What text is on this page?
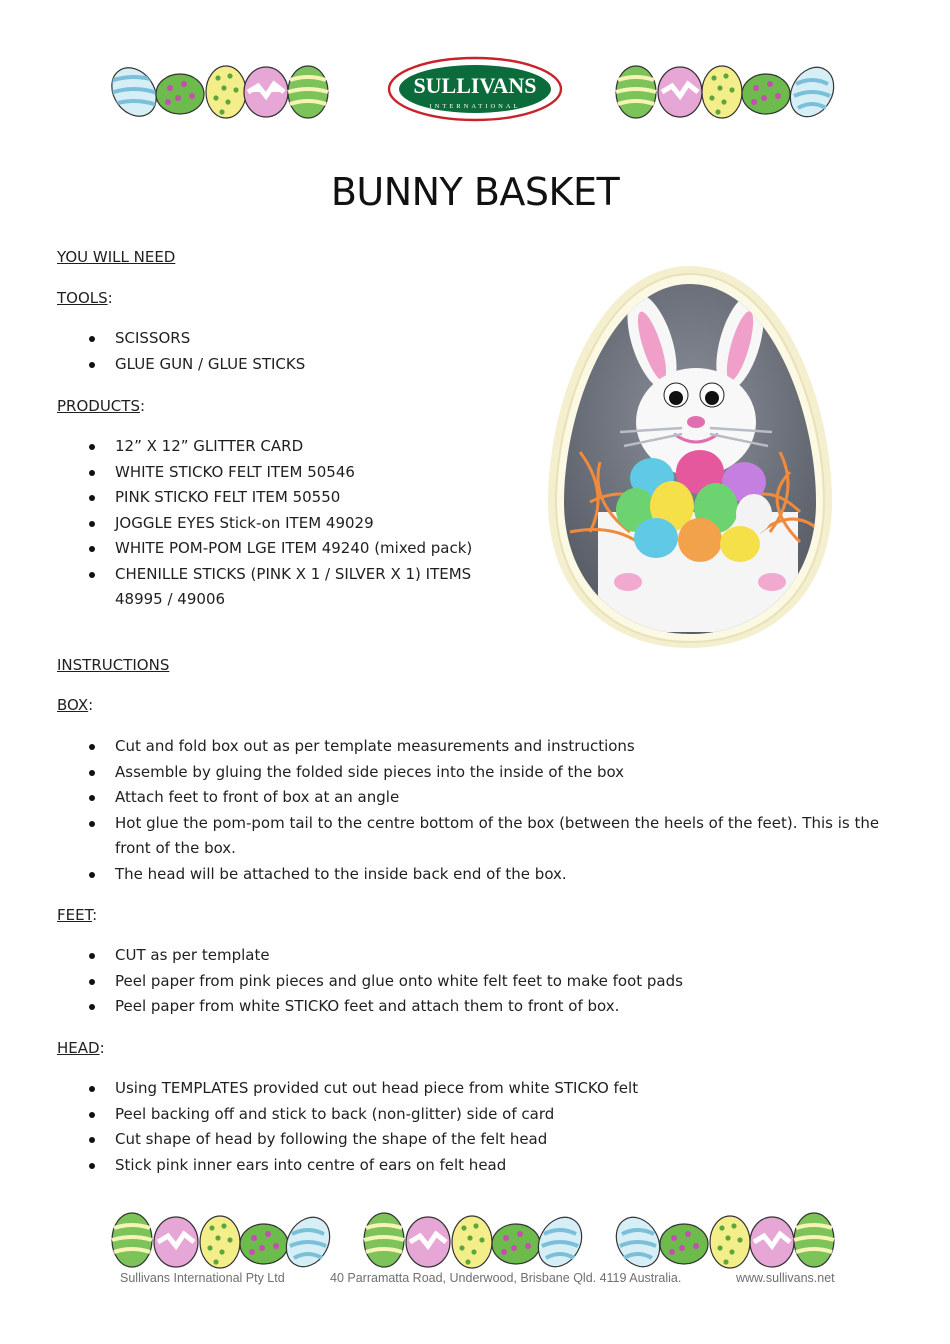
SULLIVANS
INTERNATIONAL
BUNNY BASKET
YOU WILL NEED
TOOLS:
SCISSORS
GLUE GUN / GLUE STICKS
PRODUCTS:
12” X 12” GLITTER CARD
WHITE STICKO FELT ITEM 50546
PINK STICKO FELT ITEM 50550
JOGGLE EYES Stick-on ITEM 49029
WHITE POM-POM LGE ITEM 49240 (mixed pack)
CHENILLE STICKS (PINK X 1 / SILVER X 1) ITEMS 48995 / 49006
INSTRUCTIONS
BOX:
Cut and fold box out as per template measurements and instructions
Assemble by gluing the folded side pieces into the inside of the box
Attach feet to front of box at an angle
Hot glue the pom-pom tail to the centre bottom of the box (between the heels of the feet). This is the front of the box.
The head will be attached to the inside back end of the box.
FEET:
CUT as per template
Peel paper from pink pieces and glue onto white felt feet to make foot pads
Peel paper from white STICKO feet and attach them to front of box.
HEAD:
Using TEMPLATES provided cut out head piece from white STICKO felt
Peel backing off and stick to back (non-glitter) side of card
Cut shape of head by following the shape of the felt head
Stick pink inner ears into centre of ears on felt head
Sullivans International Pty Ltd	40 Parramatta Road, Underwood, Brisbane Qld. 4119 Australia.	www.sullivans.net
